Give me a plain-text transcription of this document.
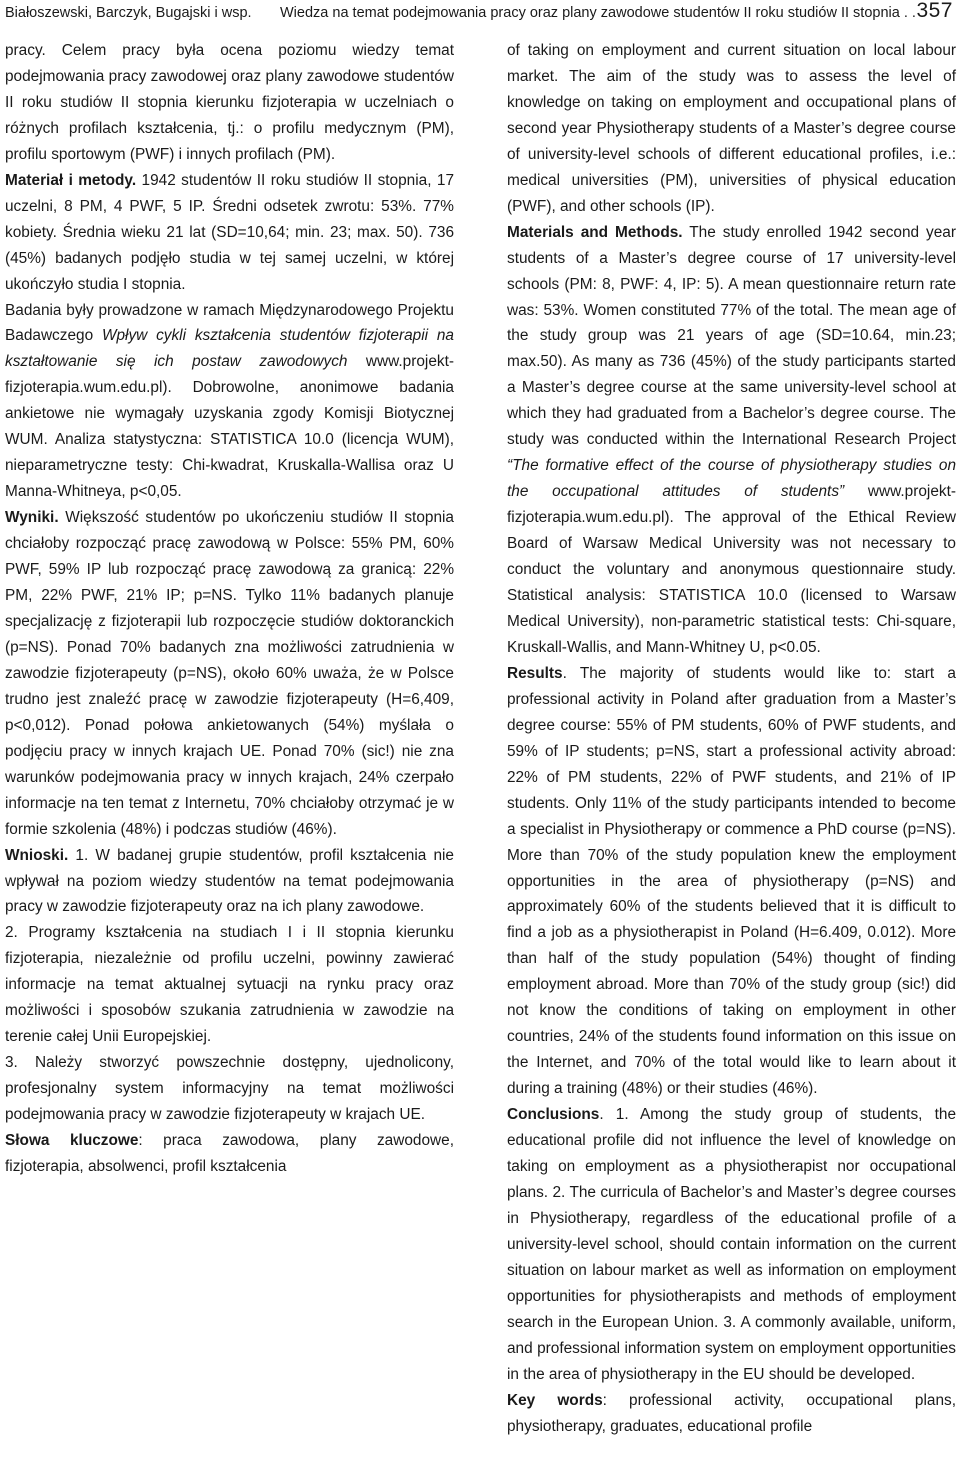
Białoszewski, Barczyk, Bugajski i wsp. Wiedza na temat podejmowania pracy oraz plany zawodowe studentów II roku studiów II stopnia . . .
357

pracy. Celem pracy była ocena poziomu wiedzy temat podejmowania pracy zawodowej oraz plany zawodowe studentów II roku studiów II stopnia kierunku fizjoterapia w uczelniach o różnych profilach kształcenia, tj.: o profilu medycznym (PM), profilu sportowym (PWF) i innych profilach (PM).

Materiał i metody. 1942 studentów II roku studiów II stopnia, 17 uczelni, 8 PM, 4 PWF, 5 IP. Średni odsetek zwrotu: 53%. 77% kobiety. Średnia wieku 21 lat (SD=10,64; min. 23; max. 50). 736 (45%) badanych podjęło studia w tej samej uczelni, w której ukończyło studia I stopnia.

Badania były prowadzone w ramach Międzynarodowego Projektu Badawczego Wpływ cykli kształcenia studentów fizjoterapii na kształtowanie się ich postaw zawodowych www.projekt-fizjoterapia.wum.edu.pl). Dobrowolne, anonimowe badania ankietowe nie wymagały uzyskania zgody Komisji Biotycznej WUM. Analiza statystyczna: STATISTICA 10.0 (licencja WUM), nieparametryczne testy: Chi-kwadrat, Kruskalla-Wallisa oraz U Manna-Whitneya, p<0,05.

Wyniki. Większość studentów po ukończeniu studiów II stopnia chciałoby rozpocząć pracę zawodową w Polsce: 55% PM, 60% PWF, 59% IP lub rozpocząć pracę zawodową za granicą: 22% PM, 22% PWF, 21% IP; p=NS. Tylko 11% badanych planuje specjalizację z fizjoterapii lub rozpoczęcie studiów doktoranckich (p=NS). Ponad 70% badanych zna możliwości zatrudnienia w zawodzie fizjoterapeuty (p=NS), około 60% uważa, że w Polsce trudno jest znaleźć pracę w zawodzie fizjoterapeuty (H=6,409, p<0,012). Ponad połowa ankietowanych (54%) myślała o podjęciu pracy w innych krajach UE. Ponad 70% (sic!) nie zna warunków podejmowania pracy w innych krajach, 24% czerpało informacje na ten temat z Internetu, 70% chciałoby otrzymać je w formie szkolenia (48%) i podczas studiów (46%).

Wnioski. 1. W badanej grupie studentów, profil kształcenia nie wpływał na poziom wiedzy studentów na temat podejmowania pracy w zawodzie fizjoterapeuty oraz na ich plany zawodowe.

2. Programy kształcenia na studiach I i II stopnia kierunku fizjoterapia, niezależnie od profilu uczelni, powinny zawierać informacje na temat aktualnej sytuacji na rynku pracy oraz możliwości i sposobów szukania zatrudnienia w zawodzie na terenie całej Unii Europejskiej.

3. Należy stworzyć powszechnie dostępny, ujednolicony, profesjonalny system informacyjny na temat możliwości podejmowania pracy w zawodzie fizjoterapeuty w krajach UE.

Słowa kluczowe: praca zawodowa, plany zawodowe, fizjoterapia, absolwenci, profil kształcenia

of taking on employment and current situation on local labour market. The aim of the study was to assess the level of knowledge on taking on employment and occupational plans of second year Physiotherapy students of a Master’s degree course of university-level schools of different educational profiles, i.e.: medical universities (PM), universities of physical education (PWF), and other schools (IP).

Materials and Methods. The study enrolled 1942 second year students of a Master’s degree course of 17 university-level schools (PM: 8, PWF: 4, IP: 5). A mean questionnaire return rate was: 53%. Women constituted 77% of the total. The mean age of the study group was 21 years of age (SD=10.64, min.23; max.50). As many as 736 (45%) of the study participants started a Master’s degree course at the same university-level school at which they had graduated from a Bachelor’s degree course. The study was conducted within the International Research Project “The formative effect of the course of physiotherapy studies on the occupational attitudes of students” www.projekt-fizjoterapia.wum.edu.pl). The approval of the Ethical Review Board of Warsaw Medical University was not necessary to conduct the voluntary and anonymous questionnaire study. Statistical analysis: STATISTICA 10.0 (licensed to Warsaw Medical University), non-parametric statistical tests: Chi-square, Kruskall-Wallis, and Mann-Whitney U, p<0.05.

Results. The majority of students would like to: start a professional activity in Poland after graduation from a Master’s degree course: 55% of PM students, 60% of PWF students, and 59% of IP students; p=NS, start a professional activity abroad: 22% of PM students, 22% of PWF students, and 21% of IP students. Only 11% of the study participants intended to become a specialist in Physiotherapy or commence a PhD course (p=NS). More than 70% of the study population knew the employment opportunities in the area of physiotherapy (p=NS) and approximately 60% of the students believed that it is difficult to find a job as a physiotherapist in Poland (H=6.409, 0.012). More than half of the study population (54%) thought of finding employment abroad. More than 70% of the study group (sic!) did not know the conditions of taking on employment in other countries, 24% of the students found information on this issue on the Internet, and 70% of the total would like to learn about it during a training (48%) or their studies (46%).

Conclusions. 1. Among the study group of students, the educational profile did not influence the level of knowledge on taking on employment as a physiotherapist nor occupational plans. 2. The curricula of Bachelor’s and Master’s degree courses in Physiotherapy, regardless of the educational profile of a university-level school, should contain information on the current situation on labour market as well as information on employment opportunities for physiotherapists and methods of employment search in the European Union. 3. A commonly available, uniform, and professional information system on employment opportunities in the area of physiotherapy in the EU should be developed.

Key words: professional activity, occupational plans, physiotherapy, graduates, educational profile
